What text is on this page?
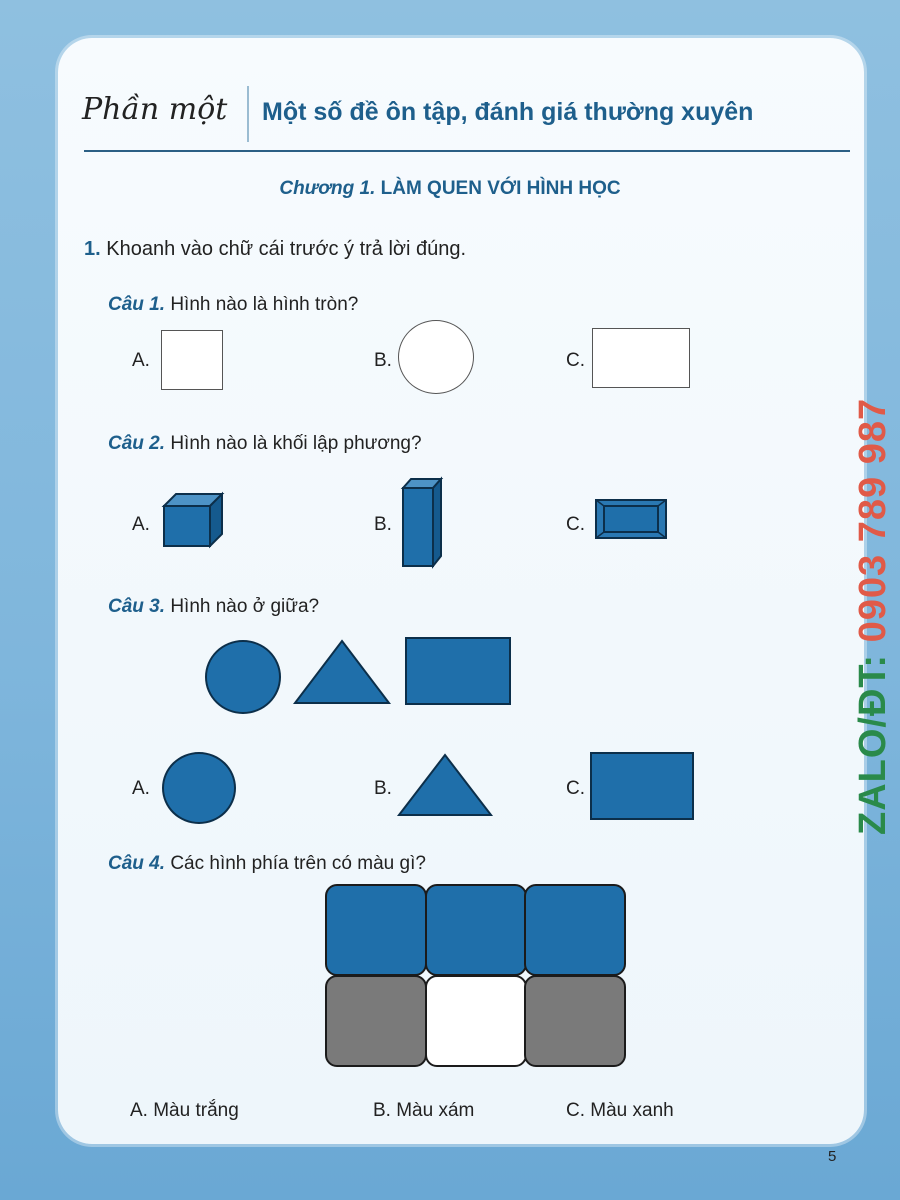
Phần một Một số đề ôn tập, đánh giá thường xuyên
Chương 1. LÀM QUEN VỚI HÌNH HỌC
1. Khoanh vào chữ cái trước ý trả lời đúng.
Câu 1. Hình nào là hình tròn?
A.	B.	C.
Câu 2. Hình nào là khối lập phương?
A.	B.	C.
Câu 3. Hình nào ở giữa?
A.	B.	C.
Câu 4. Các hình phía trên có màu gì?
A. Màu trắng	B. Màu xám	C. Màu xanh
ZALO/ĐT: 0903 789 987
5
